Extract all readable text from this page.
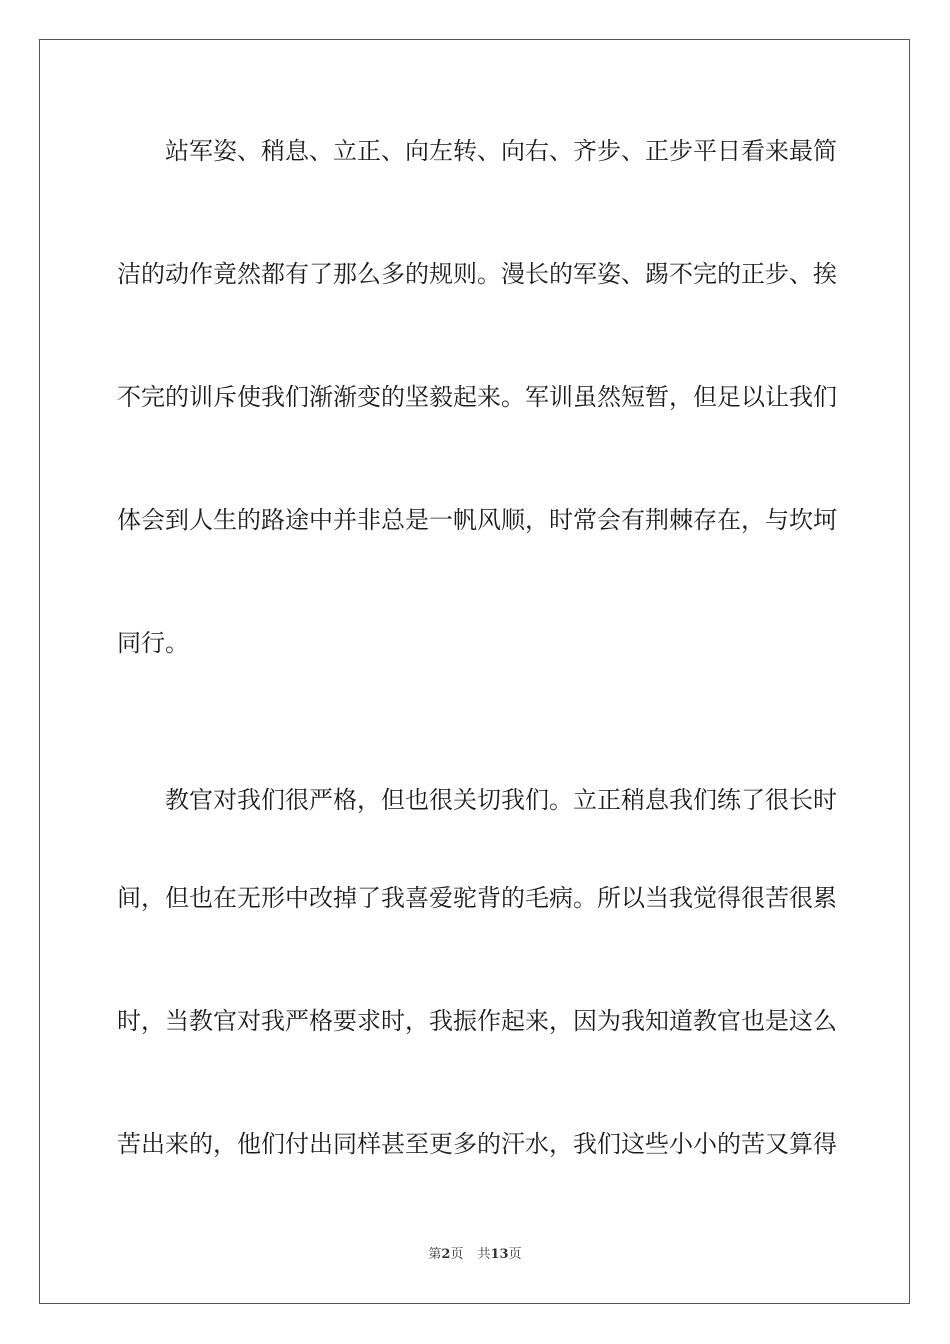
站军姿、稍息、立正、向左转、向右、齐步、正步平日看来最简
洁的动作竟然都有了那么多的规则。漫长的军姿、踢不完的正步、挨
不完的训斥使我们渐渐变的坚毅起来。军训虽然短暂，但足以让我们
体会到人生的路途中并非总是一帆风顺，时常会有荆棘存在，与坎坷
同行。
教官对我们很严格，但也很关切我们。立正稍息我们练了很长时
间，但也在无形中改掉了我喜爱驼背的毛病。所以当我觉得很苦很累
时，当教官对我严格要求时，我振作起来，因为我知道教官也是这么
苦出来的，他们付出同样甚至更多的汗水，我们这些小小的苦又算得
第2页 共13页
